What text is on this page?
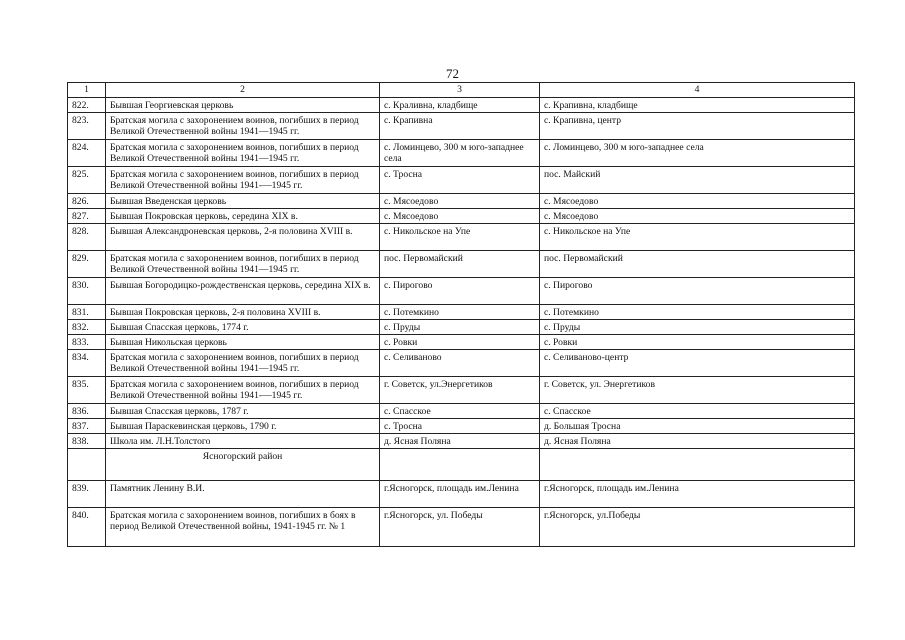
72
1	2	3	4
822.	Бывшая Георгиевская церковь	с. Краливна, кладбище	с. Крапивна, кладбище
823.	Братская могила с захоронением воинов, погибших в период Великой Отечественной войны 1941—1945 гг.	с. Крапивна	с. Крапивна, центр
824.	Братская могила с захоронением воинов, погибших в период Великой Отечественной войны 1941—1945 гг.	с. Ломинцево, 300 м юго-западнее села	с. Ломинцево, 300 м юго-западнее села
825.	Братская могила с захоронением воинов, погибших в период Великой Отечественной войны 1941-—1945 гг.	с. Тросна	пос. Майский
826.	Бывшая Введенская церковь	с. Мясоедово	с. Мясоедово
827.	Бывшая Покровская церковь, середина XIX в.	с. Мясоедово	с. Мясоедово
828.	Бывшая Александроневская церковь, 2-я половина XVIII в.	с. Никольское на Упе	с. Никольское на Упе
829.	Братская могила с захоронением воинов, погибших в период Великой Отечественной войны 1941—1945 гг.	пос. Первомайский	пос. Первомайский
830.	Бывшая Богородицко-рождественская церковь, середина XIX в.	с. Пирогово	с. Пирогово
831.	Бывшая Покровская церковь, 2-я половина XVIII в.	с. Потемкино	с. Потемкино
832.	Бывшая Спасская церковь, 1774 г.	с. Пруды	с. Пруды
833.	Бывшая Никольская церковь	с. Ровки	с. Ровки
834.	Братская могила с захоронением воинов, погибших в период Великой Отечественной войны 1941—1945 гг.	с. Селиваново	с. Селиваново-центр
835.	Братская могила с захоронением воинов, погибших в период Великой Отечественной войны 1941-—1945 гг.	г. Советск, ул.Энергетиков	г. Советск, ул. Энергетиков
836.	Бывшая Спасская церковь, 1787 г.	с. Спасское	с. Спасское
837.	Бывшая Параскевинская церковь, 1790 г.	с. Тросна	д. Большая Тросна
838.	Школа им. Л.Н.Толстого	д. Ясная Поляна	д. Ясная Поляна
	Ясногорский район		
839.	Памятник Ленину В.И.	г.Ясногорск, площадь им.Ленина	г.Ясногорск, площадь им.Ленина
840.	Братская могила с захоронением воинов, погибших в боях в период Великой Отечественной войны, 1941-1945 гг. № 1	г.Ясногорск, ул. Победы	г.Ясногорск, ул.Победы
